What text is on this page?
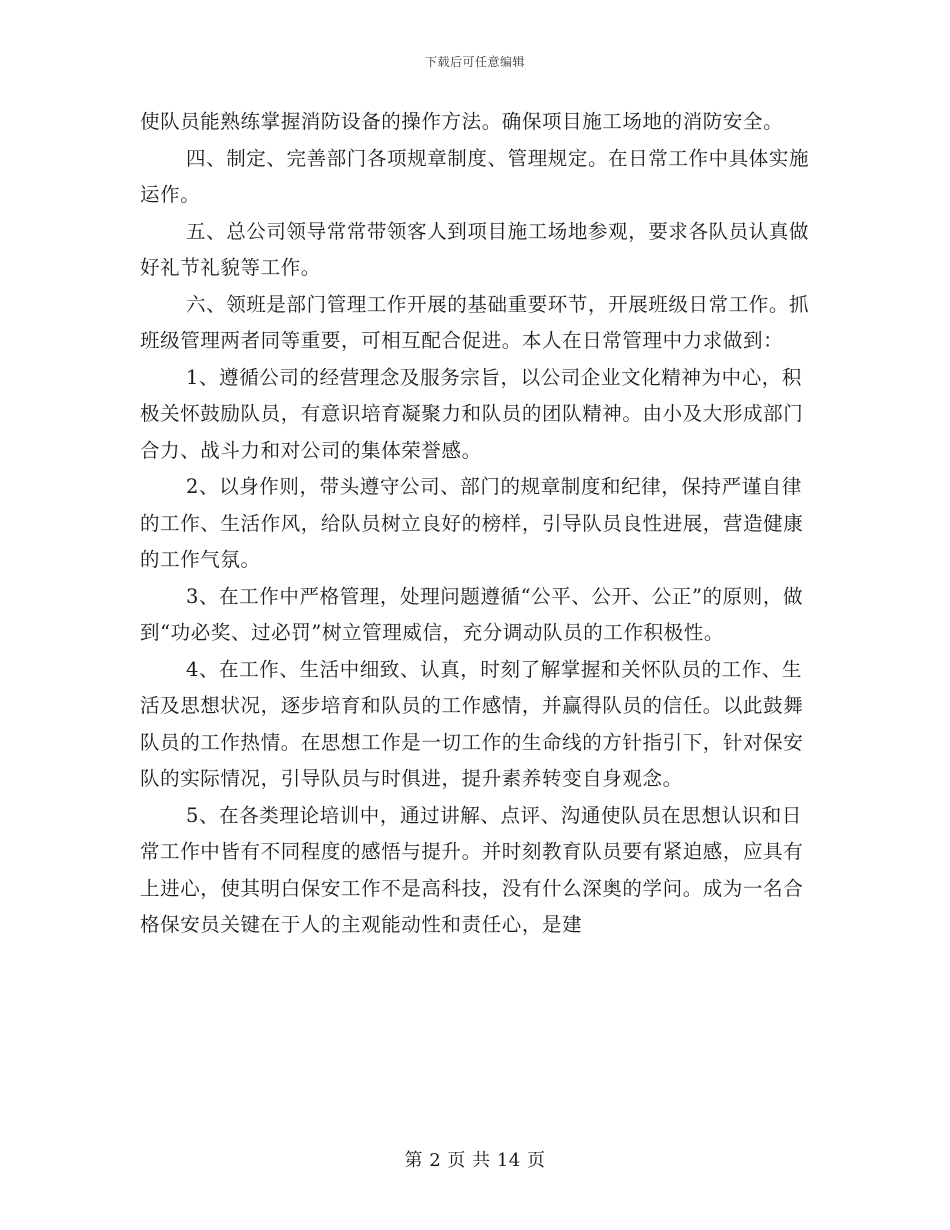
下载后可任意编辑

使队员能熟练掌握消防设备的操作方法。确保项目施工场地的消防安全。

四、制定、完善部门各项规章制度、管理规定。在日常工作中具体实施运作。

五、总公司领导常常带领客人到项目施工场地参观，要求各队员认真做好礼节礼貌等工作。

六、领班是部门管理工作开展的基础重要环节，开展班级日常工作。抓班级管理两者同等重要，可相互配合促进。本人在日常管理中力求做到：

1、遵循公司的经营理念及服务宗旨，以公司企业文化精神为中心，积极关怀鼓励队员，有意识培育凝聚力和队员的团队精神。由小及大形成部门合力、战斗力和对公司的集体荣誉感。

2、以身作则，带头遵守公司、部门的规章制度和纪律，保持严谨自律的工作、生活作风，给队员树立良好的榜样，引导队员良性进展，营造健康的工作气氛。

3、在工作中严格管理，处理问题遵循“公平、公开、公正”的原则，做到“功必奖、过必罚”树立管理威信，充分调动队员的工作积极性。

4、在工作、生活中细致、认真，时刻了解掌握和关怀队员的工作、生活及思想状况，逐步培育和队员的工作感情，并赢得队员的信任。以此鼓舞队员的工作热情。在思想工作是一切工作的生命线的方针指引下，针对保安队的实际情况，引导队员与时俱进，提升素养转变自身观念。

5、在各类理论培训中，通过讲解、点评、沟通使队员在思想认识和日常工作中皆有不同程度的感悟与提升。并时刻教育队员要有紧迫感，应具有上进心，使其明白保安工作不是高科技，没有什么深奥的学问。成为一名合格保安员关键在于人的主观能动性和责任心，是建

第 2 页 共 14 页
